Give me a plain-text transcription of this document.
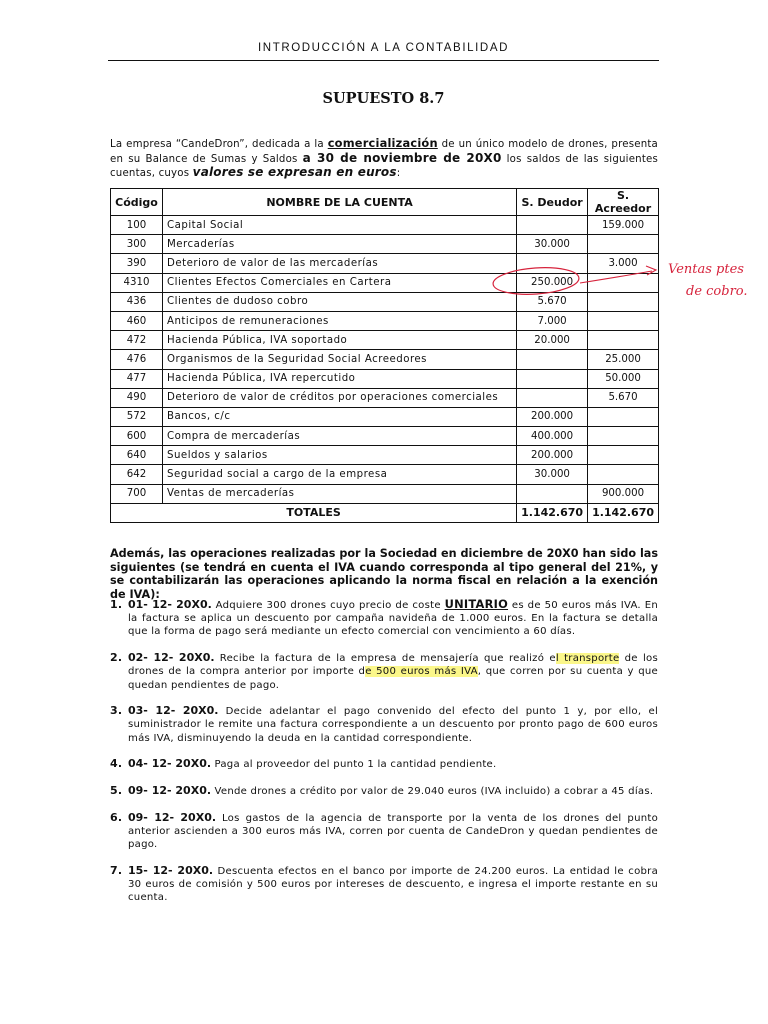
INTRODUCCIÓN A LA CONTABILIDAD
SUPUESTO 8.7
La empresa “CandeDron”, dedicada a la comercialización de un único modelo de drones, presenta en su Balance de Sumas y Saldos a 30 de noviembre de 20X0 los saldos de las siguientes cuentas, cuyos valores se expresan en euros:
Código	NOMBRE DE LA CUENTA	S. Deudor	S. Acreedor
100	Capital Social		159.000
300	Mercaderías	30.000	
390	Deterioro de valor de las mercaderías		3.000
4310	Clientes Efectos Comerciales en Cartera	250.000	
436	Clientes de dudoso cobro	5.670	
460	Anticipos de remuneraciones	7.000	
472	Hacienda Pública, IVA soportado	20.000	
476	Organismos de la Seguridad Social Acreedores		25.000
477	Hacienda Pública, IVA repercutido		50.000
490	Deterioro de valor de créditos por operaciones comerciales		5.670
572	Bancos, c/c	200.000	
600	Compra de mercaderías	400.000	
640	Sueldos y salarios	200.000	
642	Seguridad social a cargo de la empresa	30.000	
700	Ventas de mercaderías		900.000
TOTALES		1.142.670	1.142.670
Ventas ptes
de cobro.
Además, las operaciones realizadas por la Sociedad en diciembre de 20X0 han sido las siguientes (se tendrá en cuenta el IVA cuando corresponda al tipo general del 21%, y se contabilizarán las operaciones aplicando la norma fiscal en relación a la exención de IVA):
1. 01- 12- 20X0. Adquiere 300 drones cuyo precio de coste UNITARIO es de 50 euros más IVA. En la factura se aplica un descuento por campaña navideña de 1.000 euros. En la factura se detalla que la forma de pago será mediante un efecto comercial con vencimiento a 60 días.
2. 02- 12- 20X0. Recibe la factura de la empresa de mensajería que realizó el transporte de los drones de la compra anterior por importe de 500 euros más IVA, que corren por su cuenta y que quedan pendientes de pago.
3. 03- 12- 20X0. Decide adelantar el pago convenido del efecto del punto 1 y, por ello, el suministrador le remite una factura correspondiente a un descuento por pronto pago de 600 euros más IVA, disminuyendo la deuda en la cantidad correspondiente.
4. 04- 12- 20X0. Paga al proveedor del punto 1 la cantidad pendiente.
5. 09- 12- 20X0. Vende drones a crédito por valor de 29.040 euros (IVA incluido) a cobrar a 45 días.
6. 09- 12- 20X0. Los gastos de la agencia de transporte por la venta de los drones del punto anterior ascienden a 300 euros más IVA, corren por cuenta de CandeDron y quedan pendientes de pago.
7. 15- 12- 20X0. Descuenta efectos en el banco por importe de 24.200 euros. La entidad le cobra 30 euros de comisión y 500 euros por intereses de descuento, e ingresa el importe restante en su cuenta.
